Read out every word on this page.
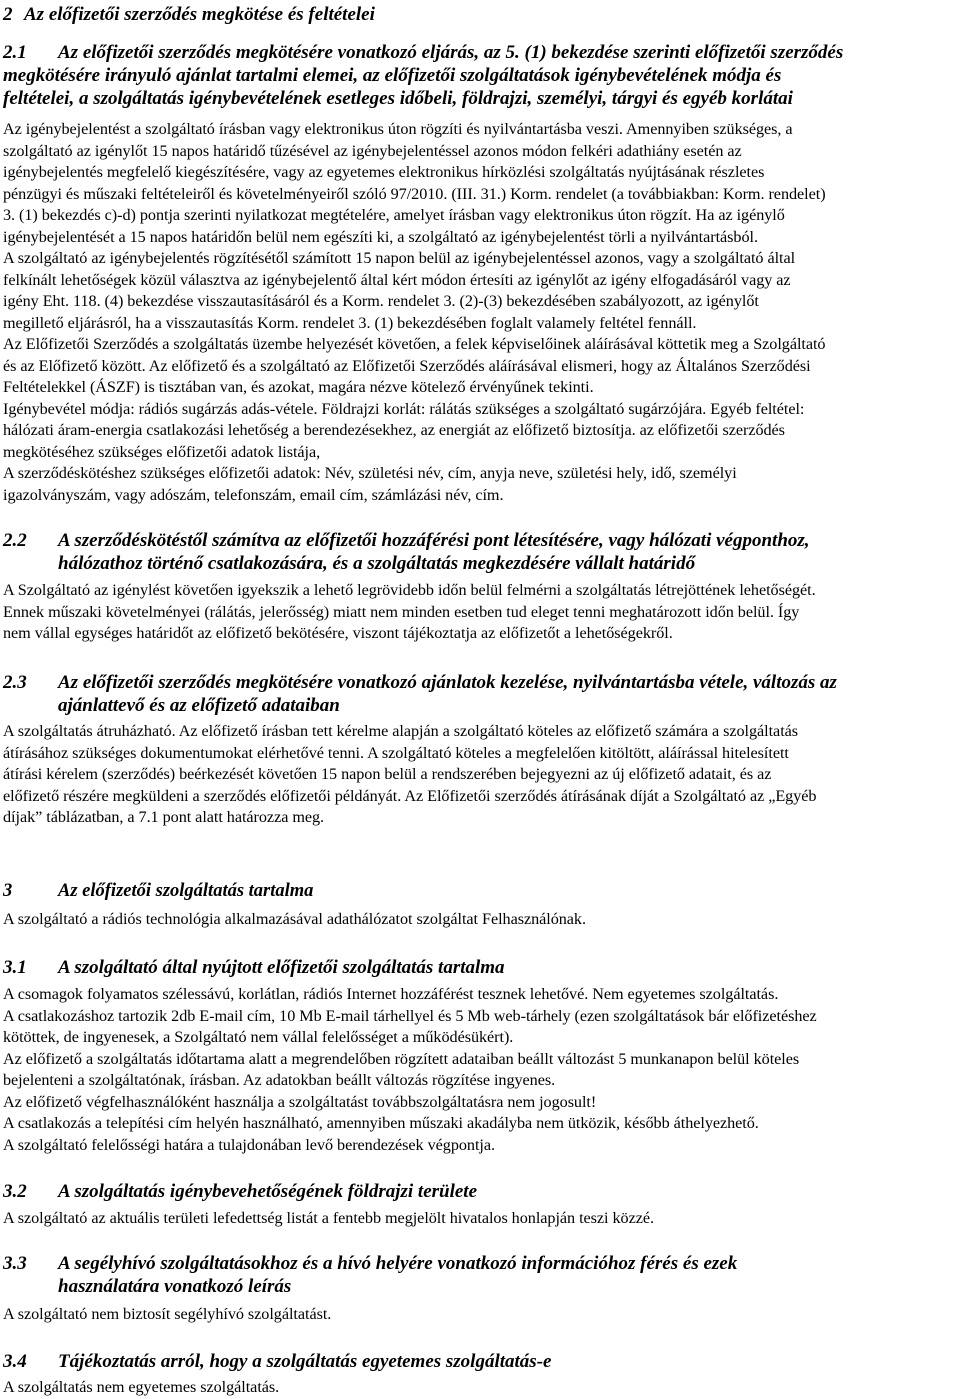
2 Az előfizetői szerződés megkötése és feltételei
2.1	Az előfizetői szerződés megkötésére vonatkozó eljárás, az 5. (1) bekezdése szerinti előfizetői szerződés
megkötésére irányuló ajánlat tartalmi elemei, az előfizetői szolgáltatások igénybevételének módja és
feltételei, a szolgáltatás igénybevételének esetleges időbeli, földrajzi, személyi, tárgyi és egyéb korlátai

Az igénybejelentést a szolgáltató írásban vagy elektronikus úton rögzíti és nyilvántartásba veszi. Amennyiben szükséges, a
szolgáltató az igénylőt 15 napos határidő tűzésével az igénybejelentéssel azonos módon felkéri adathiány esetén az
igénybejelentés megfelelő kiegészítésére, vagy az egyetemes elektronikus hírközlési szolgáltatás nyújtásának részletes
pénzügyi és műszaki feltételeiről és követelményeiről szóló 97/2010. (III. 31.) Korm. rendelet (a továbbiakban: Korm. rendelet)
3. (1) bekezdés c)-d) pontja szerinti nyilatkozat megtételére, amelyet írásban vagy elektronikus úton rögzít. Ha az igénylő
igénybejelentését a 15 napos határidőn belül nem egészíti ki, a szolgáltató az igénybejelentést törli a nyilvántartásból.
A szolgáltató az igénybejelentés rögzítésétől számított 15 napon belül az igénybejelentéssel azonos, vagy a szolgáltató által
felkínált lehetőségek közül választva az igénybejelentő által kért módon értesíti az igénylőt az igény elfogadásáról vagy az
igény Eht. 118. (4) bekezdése visszautasításáról és a Korm. rendelet 3. (2)-(3) bekezdésében szabályozott, az igénylőt
megillető eljárásról, ha a visszautasítás Korm. rendelet 3. (1) bekezdésében foglalt valamely feltétel fennáll.
Az Előfizetői Szerződés a szolgáltatás üzembe helyezését követően, a felek képviselőinek aláírásával köttetik meg a Szolgáltató
és az Előfizető között. Az előfizető és a szolgáltató az Előfizetői Szerződés aláírásával elismeri, hogy az Általános Szerződési
Feltételekkel (ÁSZF) is tisztában van, és azokat, magára nézve kötelező érvényűnek tekinti.
Igénybevétel módja: rádiós sugárzás adás-vétele. Földrajzi korlát: rálátás szükséges a szolgáltató sugárzójára. Egyéb feltétel:
hálózati áram-energia csatlakozási lehetőség a berendezésekhez, az energiát az előfizető biztosítja. az előfizetői szerződés
megkötéséhez szükséges előfizetői adatok listája,
A szerződéskötéshez szükséges előfizetői adatok: Név, születési név, cím, anyja neve, születési hely, idő, személyi
igazolványszám, vagy adószám, telefonszám, email cím, számlázási név, cím.

2.2	A szerződéskötéstől számítva az előfizetői hozzáférési pont létesítésére, vagy hálózati végponthoz,
hálózathoz történő csatlakozására, és a szolgáltatás megkezdésére vállalt határidő

A Szolgáltató az igénylést követően igyekszik a lehető legrövidebb időn belül felmérni a szolgáltatás létrejöttének lehetőségét.
Ennek műszaki követelményei (rálátás, jelerősség) miatt nem minden esetben tud eleget tenni meghatározott időn belül. Így
nem vállal egységes határidőt az előfizető bekötésére, viszont tájékoztatja az előfizetőt a lehetőségekről.

2.3	Az előfizetői szerződés megkötésére vonatkozó ajánlatok kezelése, nyilvántartásba vétele, változás az
ajánlattevő és az előfizető adataiban

A szolgáltatás átruházható. Az előfizető írásban tett kérelme alapján a szolgáltató köteles az előfizető számára a szolgáltatás
átírásához szükséges dokumentumokat elérhetővé tenni. A szolgáltató köteles a megfelelően kitöltött, aláírással hitelesített
átírási kérelem (szerződés) beérkezését követően 15 napon belül a rendszerében bejegyezni az új előfizető adatait, és az
előfizető részére megküldeni a szerződés előfizetői példányát. Az Előfizetői szerződés átírásának díját a Szolgáltató az „Egyéb
díjak” táblázatban, a 7.1 pont alatt határozza meg.

3	Az előfizetői szolgáltatás tartalma

A szolgáltató a rádiós technológia alkalmazásával adathálózatot szolgáltat Felhasználónak.

3.1	A szolgáltató által nyújtott előfizetői szolgáltatás tartalma

A csomagok folyamatos szélessávú, korlátlan, rádiós Internet hozzáférést tesznek lehetővé. Nem egyetemes szolgáltatás.
A csatlakozáshoz tartozik 2db E-mail cím, 10 Mb E-mail tárhellyel és 5 Mb web-tárhely (ezen szolgáltatások bár előfizetéshez
kötöttek, de ingyenesek, a Szolgáltató nem vállal felelősséget a működésükért).
Az előfizető a szolgáltatás időtartama alatt a megrendelőben rögzített adataiban beállt változást 5 munkanapon belül köteles
bejelenteni a szolgáltatónak, írásban. Az adatokban beállt változás rögzítése ingyenes.
Az előfizető végfelhasználóként használja a szolgáltatást továbbszolgáltatásra nem jogosult!
A csatlakozás a telepítési cím helyén használható, amennyiben műszaki akadályba nem ütközik, később áthelyezhető.
A szolgáltató felelősségi határa a tulajdonában levő berendezések végpontja.

3.2	A szolgáltatás igénybevehetőségének földrajzi területe

A szolgáltató az aktuális területi lefedettség listát a fentebb megjelölt hivatalos honlapján teszi közzé.

3.3	A segélyhívó szolgáltatásokhoz és a hívó helyére vonatkozó információhoz férés és ezek
használatára vonatkozó leírás

A szolgáltató nem biztosít segélyhívó szolgáltatást.

3.4	Tájékoztatás arról, hogy a szolgáltatás egyetemes szolgáltatás-e

A szolgáltatás nem egyetemes szolgáltatás.
